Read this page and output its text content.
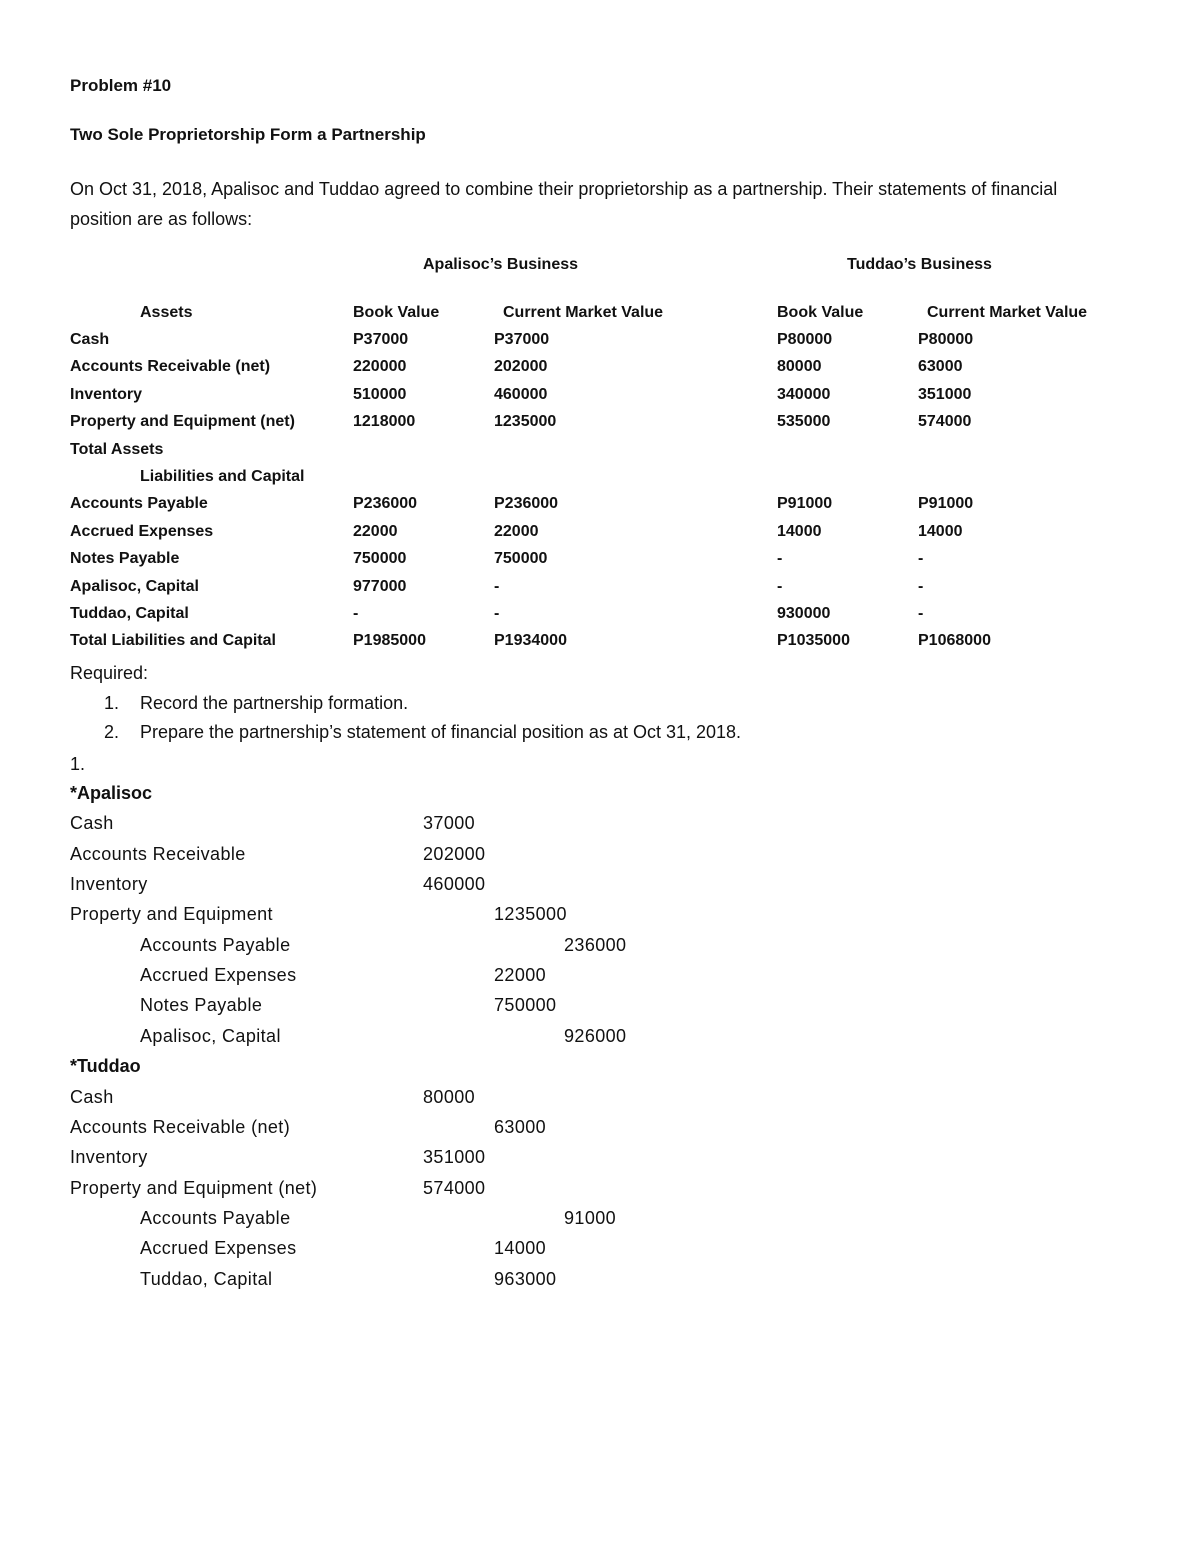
Problem #10
Two Sole Proprietorship Form a Partnership
On Oct 31, 2018, Apalisoc and Tuddao agreed to combine their proprietorship as a partnership. Their statements of financial position are as follows:
Apalisoc’s Business	Tuddao’s Business
Assets	Book Value	Current Market Value	Book Value	Current Market Value
Cash	P37000	P37000	P80000	P80000
Accounts Receivable (net)	220000	202000	80000	63000
Inventory	510000	460000	340000	351000
Property and Equipment (net)	1218000	1235000	535000	574000
Total Assets
Liabilities and Capital
Accounts Payable	P236000	P236000	P91000	P91000
Accrued Expenses	22000	22000	14000	14000
Notes Payable	750000	750000	-	-
Apalisoc, Capital	977000	-	-	-
Tuddao, Capital	-	-	930000	-
Total Liabilities and Capital	P1985000	P1934000	P1035000	P1068000
Required:
1. Record the partnership formation.
2. Prepare the partnership’s statement of financial position as at Oct 31, 2018.
1.
*Apalisoc
Cash	37000
Accounts Receivable	202000
Inventory	460000
Property and Equipment	1235000
Accounts Payable	236000
Accrued Expenses	22000
Notes Payable	750000
Apalisoc, Capital	926000
*Tuddao
Cash	80000
Accounts Receivable (net)	63000
Inventory	351000
Property and Equipment (net)	574000
Accounts Payable	91000
Accrued Expenses	14000
Tuddao, Capital	963000
